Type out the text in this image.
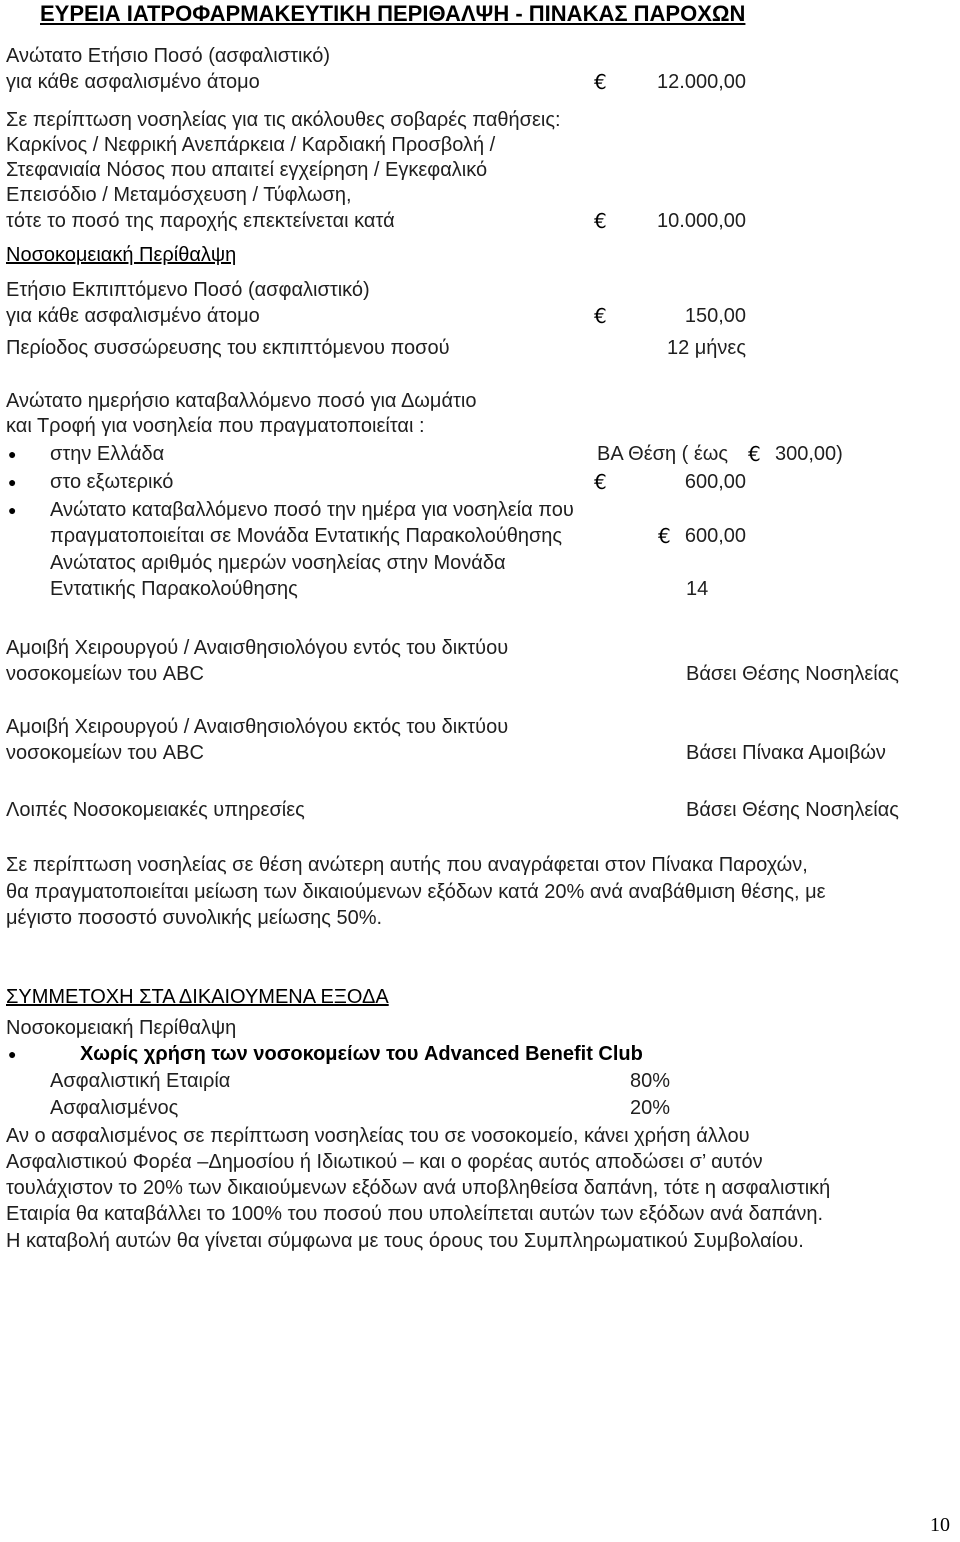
ΕΥΡΕΙΑ ΙΑΤΡΟΦΑΡΜΑΚΕΥΤΙΚΗ ΠΕΡΙΘΑΛΨΗ - ΠΙΝΑΚΑΣ ΠΑΡΟΧΩΝ
Ανώτατο Ετήσιο Ποσό (ασφαλιστικό)
για κάθε ασφαλισμένο άτομο	€	12.000,00
Σε περίπτωση νοσηλείας για τις ακόλουθες σοβαρές παθήσεις:
Καρκίνος / Νεφρική Ανεπάρκεια / Καρδιακή Προσβολή /
Στεφανιαία Νόσος που απαιτεί εγχείρηση / Εγκεφαλικό
Επεισόδιο / Μεταμόσχευση / Τύφλωση,
τότε το ποσό της παροχής επεκτείνεται κατά	€	10.000,00
Νοσοκομειακή Περίθαλψη
Ετήσιο Εκπιπτόμενο Ποσό (ασφαλιστικό)
για κάθε ασφαλισμένο άτομο	€	150,00
Περίοδος συσσώρευσης του εκπιπτόμενου ποσού	12 μήνες
Ανώτατο ημερήσιο καταβαλλόμενο ποσό για Δωμάτιο
και Τροφή για νοσηλεία που πραγματοποιείται :
● στην Ελλάδα	ΒΑ Θέση ( έως € 300,00)
● στο εξωτερικό	€	600,00
● Ανώτατο καταβαλλόμενο ποσό την ημέρα για νοσηλεία που
πραγματοποιείται σε Μονάδα Εντατικής Παρακολούθησης	€ 600,00
Ανώτατος αριθμός ημερών νοσηλείας στην Μονάδα
Εντατικής Παρακολούθησης	14
Αμοιβή Χειρουργού / Αναισθησιολόγου εντός του δικτύου
νοσοκομείων του ABC	Βάσει Θέσης Νοσηλείας
Αμοιβή Χειρουργού / Αναισθησιολόγου εκτός του δικτύου
νοσοκομείων του ABC	Βάσει Πίνακα Αμοιβών
Λοιπές Νοσοκομειακές υπηρεσίες	Βάσει Θέσης Νοσηλείας
Σε περίπτωση νοσηλείας σε θέση ανώτερη αυτής που αναγράφεται στον Πίνακα Παροχών,
θα πραγματοποιείται μείωση των δικαιούμενων εξόδων κατά 20% ανά αναβάθμιση θέσης, με
μέγιστο ποσοστό συνολικής μείωσης 50%.
ΣΥΜΜΕΤΟΧΗ ΣΤΑ ΔΙΚΑΙΟΥΜΕΝΑ ΕΞΟΔΑ
Νοσοκομειακή Περίθαλψη
●	Χωρίς χρήση των νοσοκομείων του Advanced Benefit Club
Ασφαλιστική Εταιρία	80%
Ασφαλισμένος	20%
Αν ο ασφαλισμένος σε περίπτωση νοσηλείας του σε νοσοκομείο, κάνει χρήση άλλου
Ασφαλιστικού Φορέα –Δημοσίου ή Ιδιωτικού – και ο φορέας αυτός αποδώσει σ’ αυτόν
τουλάχιστον το 20% των δικαιούμενων εξόδων ανά υποβληθείσα δαπάνη, τότε η ασφαλιστική
Εταιρία θα καταβάλλει το 100% του ποσού που υπολείπεται αυτών των εξόδων ανά δαπάνη.
Η καταβολή αυτών θα γίνεται σύμφωνα με τους όρους του Συμπληρωματικού Συμβολαίου.
10
